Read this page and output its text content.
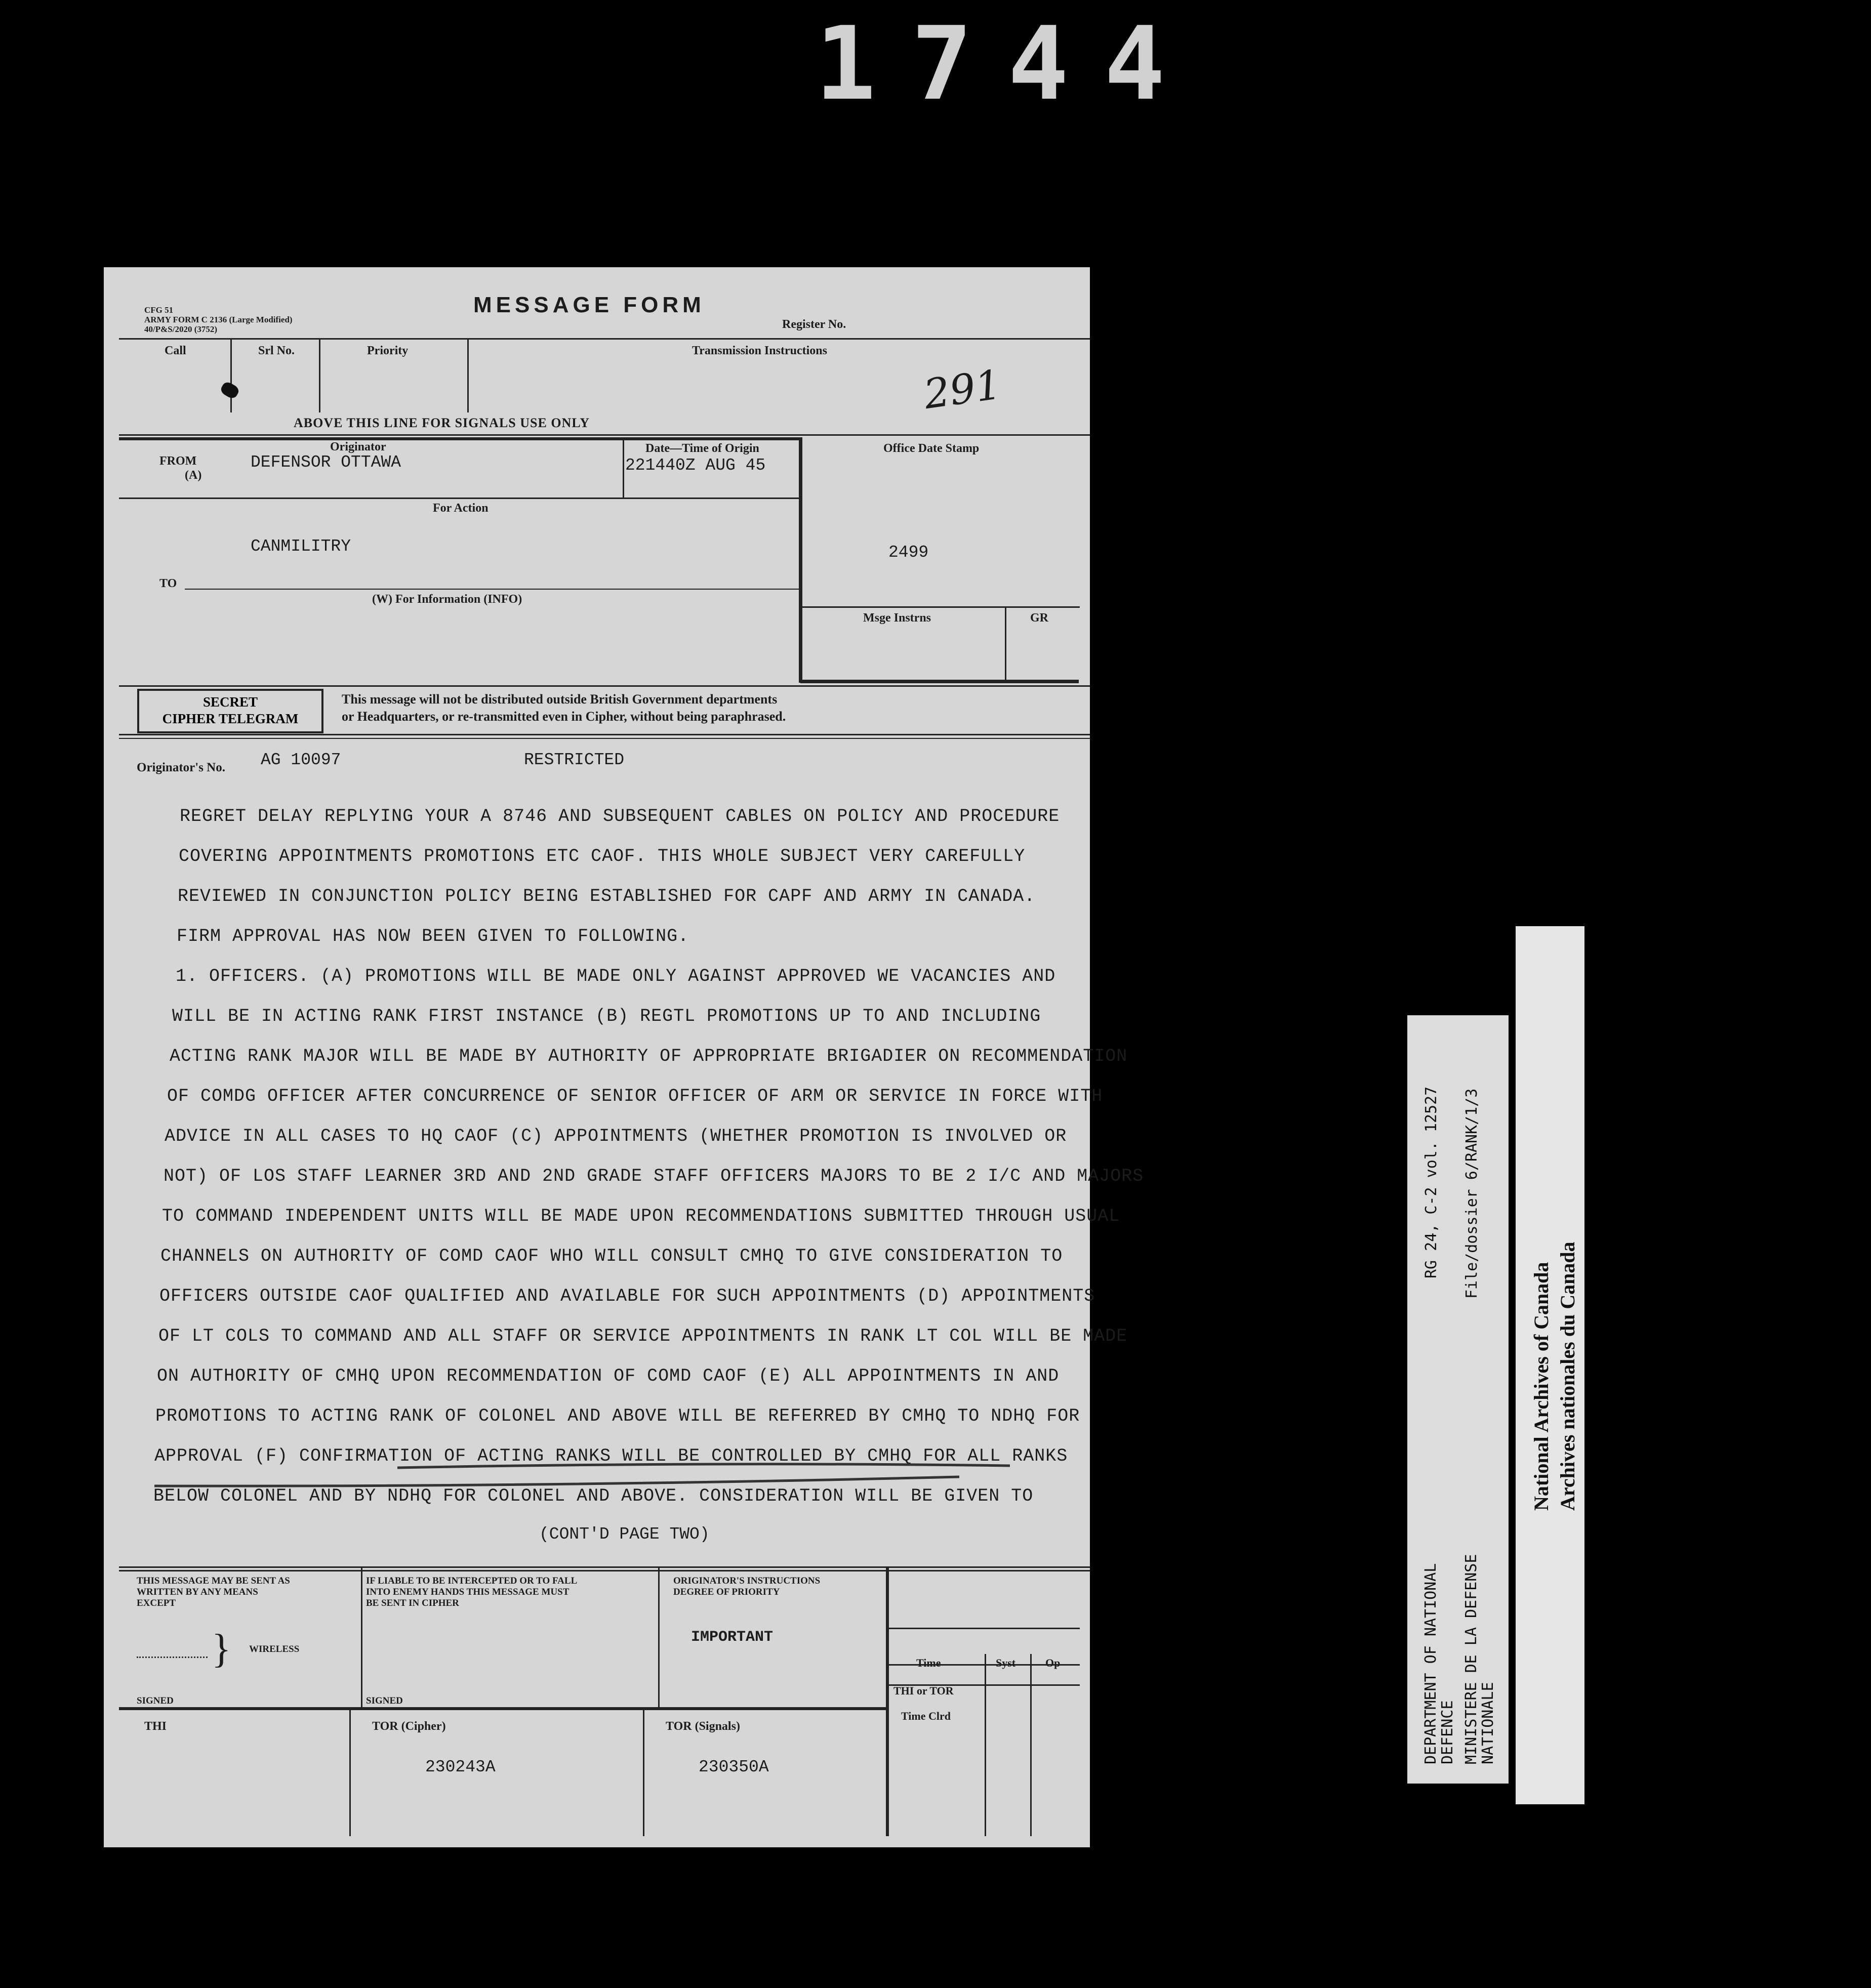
1744
CFG 51
ARMY FORM C 2136 (Large Modified)
40/P&S/2020 (3752)
MESSAGE FORM
Register No.
Call	Srl No.	Priority	Transmission Instructions
291
ABOVE THIS LINE FOR SIGNALS USE ONLY
Originator
FROM
(A)
DEFENSOR OTTAWA
Date—Time of Origin
221440Z AUG 45
Office Date Stamp
For Action
CANMILITRY	2499
TO
(W) For Information (INFO)
Msge Instrns	GR
SECRET
CIPHER TELEGRAM
This message will not be distributed outside British Government departments
or Headquarters, or re-transmitted even in Cipher, without being paraphrased.
Originator's No. AG 10097	RESTRICTED
REGRET DELAY REPLYING YOUR A 8746 AND SUBSEQUENT CABLES ON POLICY AND PROCEDURE
COVERING APPOINTMENTS PROMOTIONS ETC CAOF. THIS WHOLE SUBJECT VERY CAREFULLY
REVIEWED IN CONJUNCTION POLICY BEING ESTABLISHED FOR CAPF AND ARMY IN CANADA.
FIRM APPROVAL HAS NOW BEEN GIVEN TO FOLLOWING.
1. OFFICERS. (A) PROMOTIONS WILL BE MADE ONLY AGAINST APPROVED WE VACANCIES AND
WILL BE IN ACTING RANK FIRST INSTANCE (B) REGTL PROMOTIONS UP TO AND INCLUDING
ACTING RANK MAJOR WILL BE MADE BY AUTHORITY OF APPROPRIATE BRIGADIER ON RECOMMENDATION
OF COMDG OFFICER AFTER CONCURRENCE OF SENIOR OFFICER OF ARM OR SERVICE IN FORCE WITH
ADVICE IN ALL CASES TO HQ CAOF (C) APPOINTMENTS (WHETHER PROMOTION IS INVOLVED OR
NOT) OF LOS STAFF LEARNER 3RD AND 2ND GRADE STAFF OFFICERS MAJORS TO BE 2 I/C AND MAJORS
TO COMMAND INDEPENDENT UNITS WILL BE MADE UPON RECOMMENDATIONS SUBMITTED THROUGH USUAL
CHANNELS ON AUTHORITY OF COMD CAOF WHO WILL CONSULT CMHQ TO GIVE CONSIDERATION TO
OFFICERS OUTSIDE CAOF QUALIFIED AND AVAILABLE FOR SUCH APPOINTMENTS (D) APPOINTMENTS
OF LT COLS TO COMMAND AND ALL STAFF OR SERVICE APPOINTMENTS IN RANK LT COL WILL BE MADE
ON AUTHORITY OF CMHQ UPON RECOMMENDATION OF COMD CAOF (E) ALL APPOINTMENTS IN AND
PROMOTIONS TO ACTING RANK OF COLONEL AND ABOVE WILL BE REFERRED BY CMHQ TO NDHQ FOR
APPROVAL (F) CONFIRMATION OF ACTING RANKS WILL BE CONTROLLED BY CMHQ FOR ALL RANKS
BELOW COLONEL AND BY NDHQ FOR COLONEL AND ABOVE. CONSIDERATION WILL BE GIVEN TO
(CONT'D PAGE TWO)
THIS MESSAGE MAY BE SENT AS
WRITTEN BY ANY MEANS
EXCEPT
} WIRELESS
SIGNED
IF LIABLE TO BE INTERCEPTED OR TO FALL
INTO ENEMY HANDS THIS MESSAGE MUST
BE SENT IN CIPHER
SIGNED
ORIGINATOR'S INSTRUCTIONS
DEGREE OF PRIORITY
IMPORTANT
Time	Syst	Op
THI or TOR
Time Clrd
THI	TOR (Cipher)
230243A
TOR (Signals)
230350A
DEPARTMENT OF NATIONAL
DEFENCE MINISTERE DE LA DEFENSE
NATIONALE
RG 24, C-2 vol. 12527 File/dossier 6/RANK/1/3
National Archives of Canada Archives nationales du Canada
